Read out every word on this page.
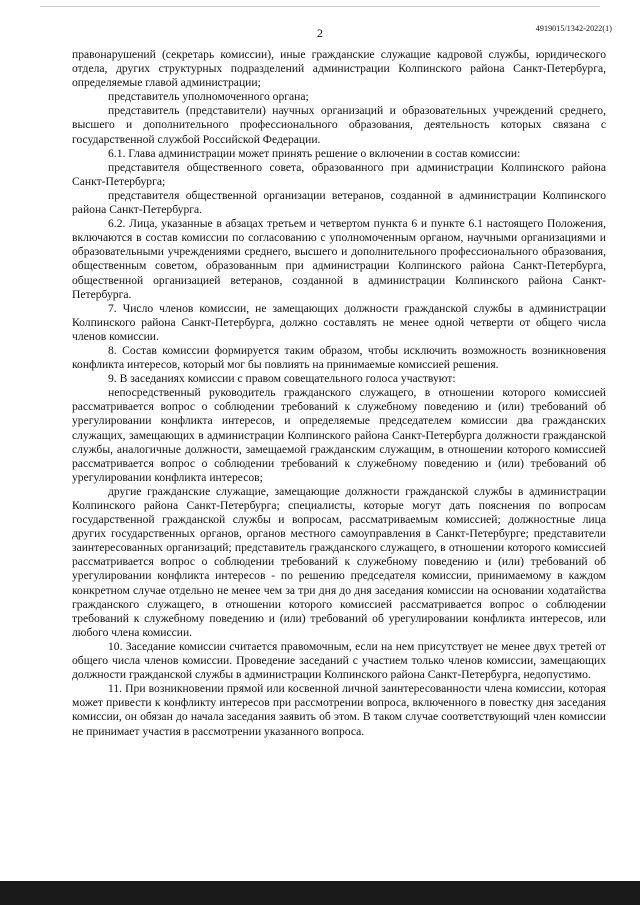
2	4919015/1342-2022(1)

правонарушений (секретарь комиссии), иные гражданские служащие кадровой службы, юридического отдела, других структурных подразделений администрации Колпинского района Санкт-Петербурга, определяемые главой администрации;

представитель уполномоченного органа;

представитель (представители) научных организаций и образовательных учреждений среднего, высшего и дополнительного профессионального образования, деятельность которых связана с государственной службой Российской Федерации.

6.1. Глава администрации может принять решение о включении в состав комиссии:

представителя общественного совета, образованного при администрации Колпинского района Санкт-Петербурга;

представителя общественной организации ветеранов, созданной в администрации Колпинского района Санкт-Петербурга.

6.2. Лица, указанные в абзацах третьем и четвертом пункта 6 и пункте 6.1 настоящего Положения, включаются в состав комиссии по согласованию с уполномоченным органом, научными организациями и образовательными учреждениями среднего, высшего и дополнительного профессионального образования, общественным советом, образованным при администрации Колпинского района Санкт-Петербурга, общественной организацией ветеранов, созданной в администрации Колпинского района Санкт-Петербурга.

7. Число членов комиссии, не замещающих должности гражданской службы в администрации Колпинского района Санкт-Петербурга, должно составлять не менее одной четверти от общего числа членов комиссии.

8. Состав комиссии формируется таким образом, чтобы исключить возможность возникновения конфликта интересов, который мог бы повлиять на принимаемые комиссией решения.

9. В заседаниях комиссии с правом совещательного голоса участвуют:

непосредственный руководитель гражданского служащего, в отношении которого комиссией рассматривается вопрос о соблюдении требований к служебному поведению и (или) требований об урегулировании конфликта интересов, и определяемые председателем комиссии два гражданских служащих, замещающих в администрации Колпинского района Санкт-Петербурга должности гражданской службы, аналогичные должности, замещаемой гражданским служащим, в отношении которого комиссией рассматривается вопрос о соблюдении требований к служебному поведению и (или) требований об урегулировании конфликта интересов;

другие гражданские служащие, замещающие должности гражданской службы в администрации Колпинского района Санкт-Петербурга; специалисты, которые могут дать пояснения по вопросам государственной гражданской службы и вопросам, рассматриваемым комиссией; должностные лица других государственных органов, органов местного самоуправления в Санкт-Петербурге; представители заинтересованных организаций; представитель гражданского служащего, в отношении которого комиссией рассматривается вопрос о соблюдении требований к служебному поведению и (или) требований об урегулировании конфликта интересов - по решению председателя комиссии, принимаемому в каждом конкретном случае отдельно не менее чем за три дня до дня заседания комиссии на основании ходатайства гражданского служащего, в отношении которого комиссией рассматривается вопрос о соблюдении требований к служебному поведению и (или) требований об урегулировании конфликта интересов, или любого члена комиссии.

10. Заседание комиссии считается правомочным, если на нем присутствует не менее двух третей от общего числа членов комиссии. Проведение заседаний с участием только членов комиссии, замещающих должности гражданской службы в администрации Колпинского района Санкт-Петербурга, недопустимо.

11. При возникновении прямой или косвенной личной заинтересованности члена комиссии, которая может привести к конфликту интересов при рассмотрении вопроса, включенного в повестку дня заседания комиссии, он обязан до начала заседания заявить об этом. В таком случае соответствующий член комиссии не принимает участия в рассмотрении указанного вопроса.
